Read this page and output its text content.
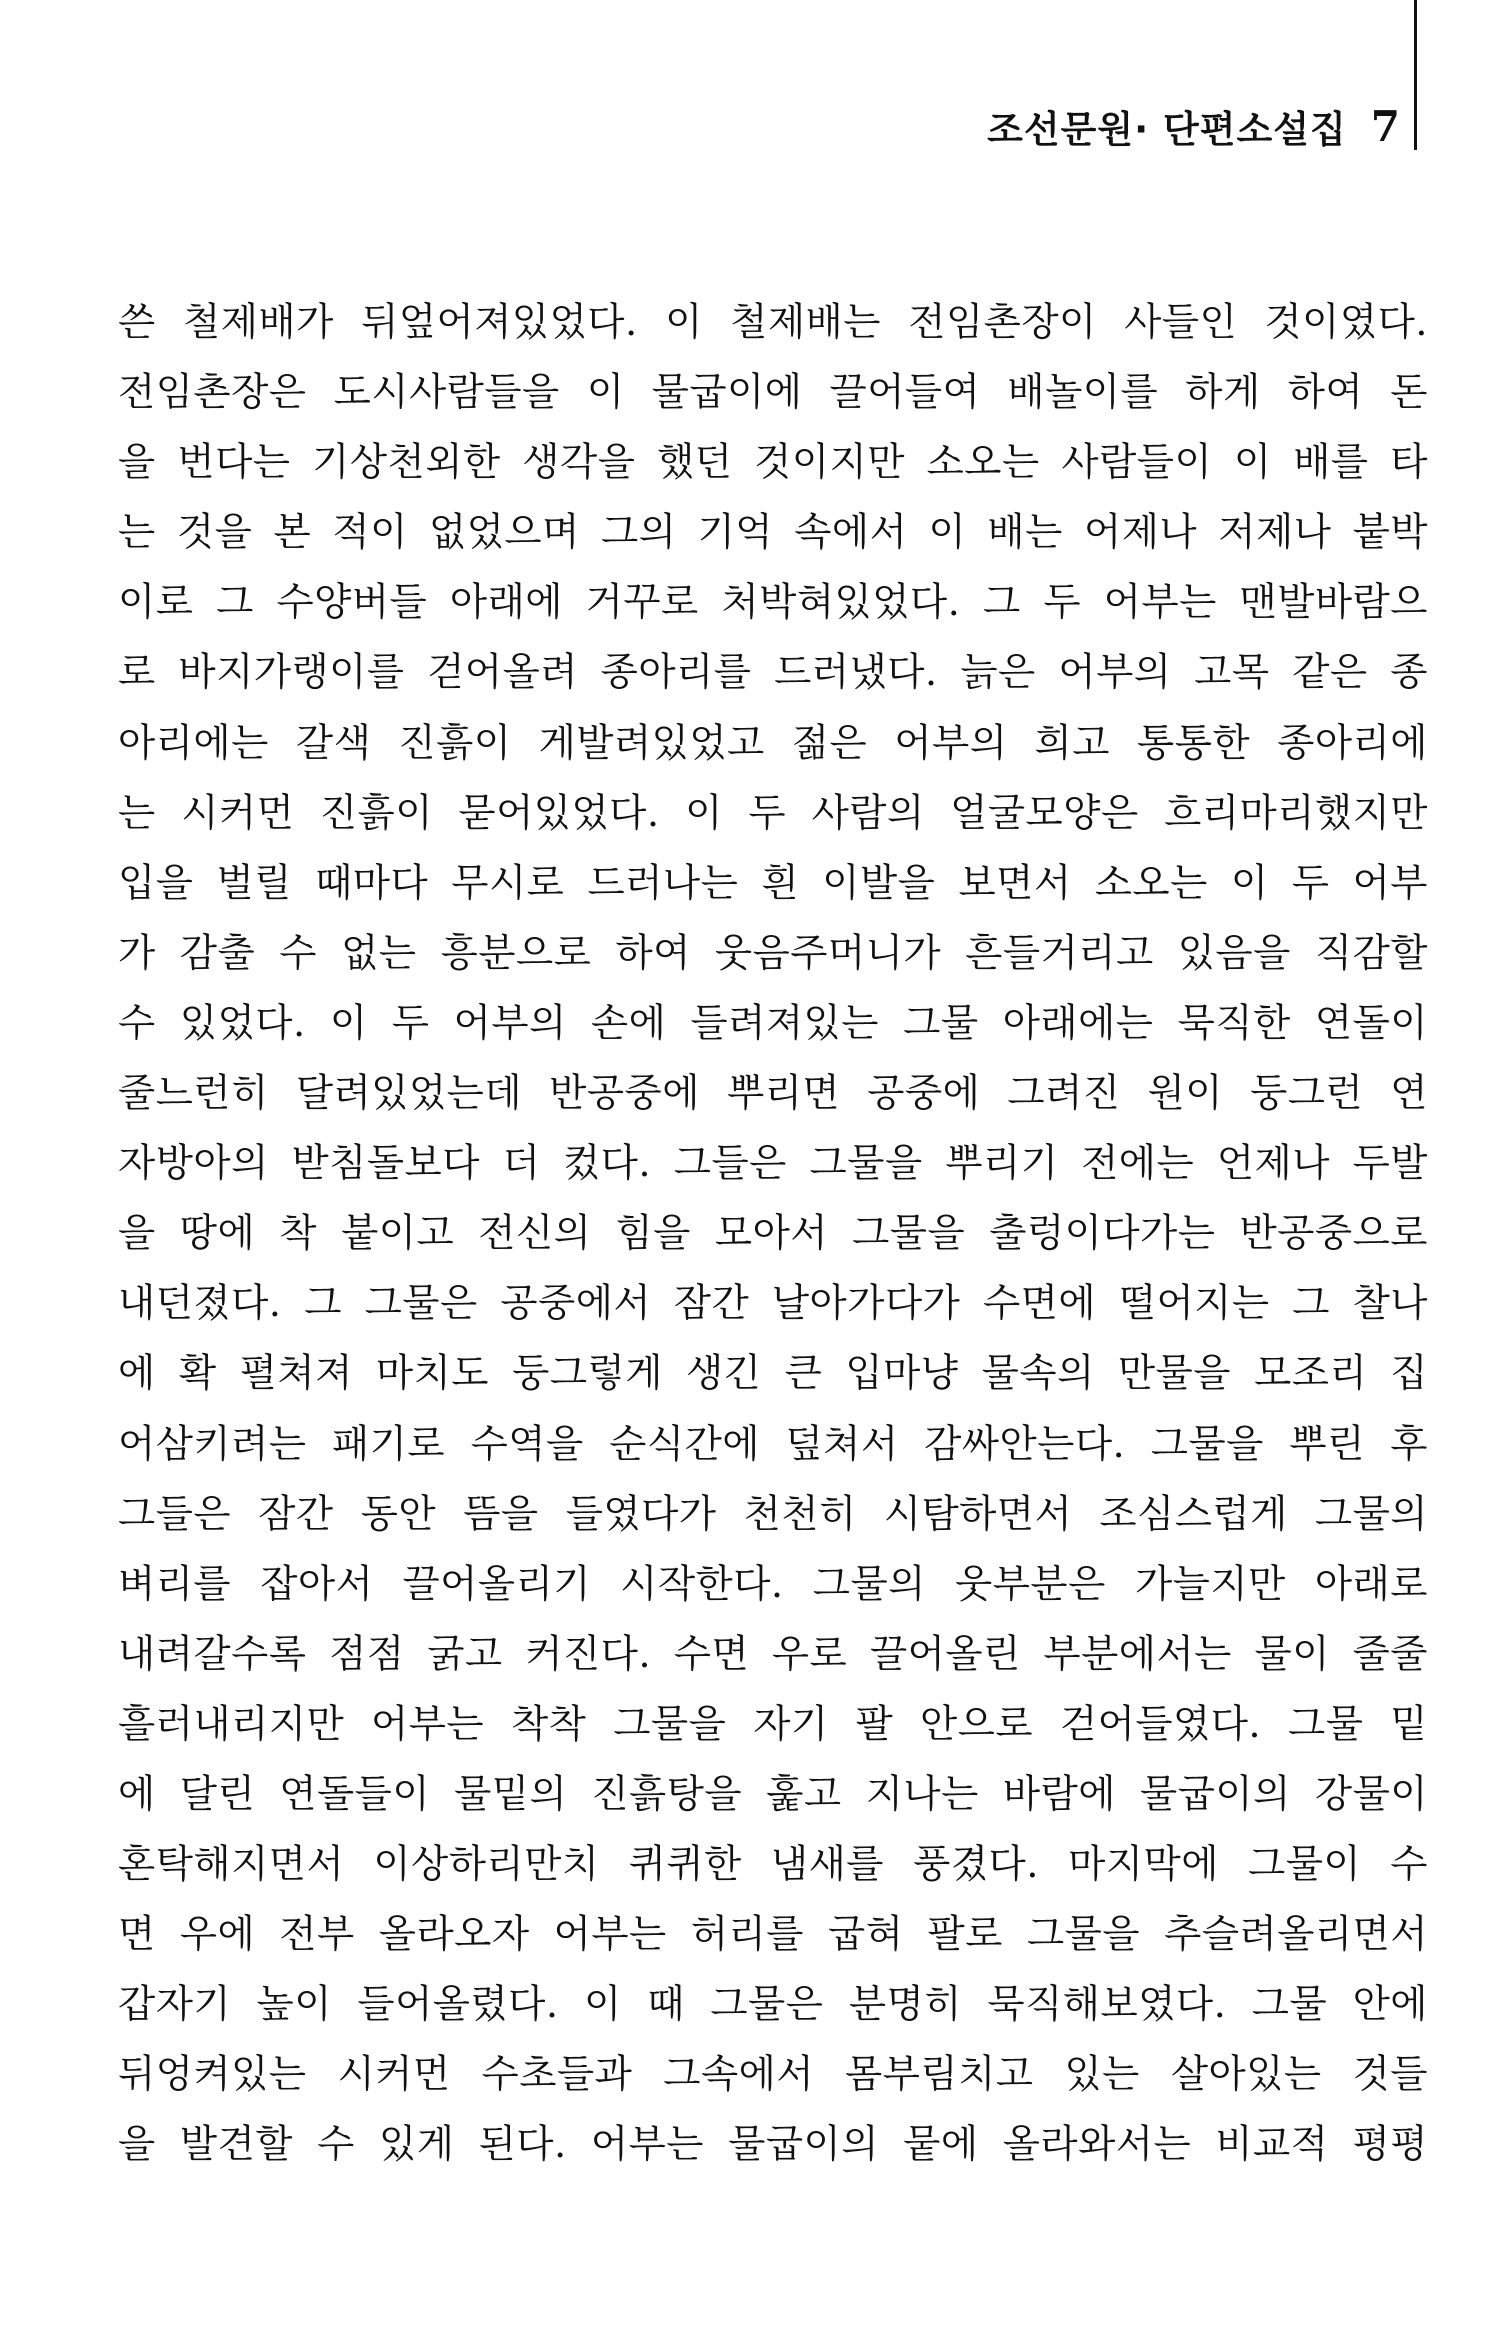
조선문원· 단편소설집 7
쓴 철제배가 뒤엎어져있었다. 이 철제배는 전임촌장이 사들인 것이였다.
전임촌장은 도시사람들을 이 물굽이에 끌어들여 배놀이를 하게 하여 돈
을 번다는 기상천외한 생각을 했던 것이지만 소오는 사람들이 이 배를 타
는 것을 본 적이 없었으며 그의 기억 속에서 이 배는 어제나 저제나 붙박
이로 그 수양버들 아래에 거꾸로 처박혀있었다. 그 두 어부는 맨발바람으
로 바지가랭이를 걷어올려 종아리를 드러냈다. 늙은 어부의 고목 같은 종
아리에는 갈색 진흙이 게발려있었고 젊은 어부의 희고 통통한 종아리에
는 시커먼 진흙이 묻어있었다. 이 두 사람의 얼굴모양은 흐리마리했지만
입을 벌릴 때마다 무시로 드러나는 흰 이발을 보면서 소오는 이 두 어부
가 감출 수 없는 흥분으로 하여 웃음주머니가 흔들거리고 있음을 직감할
수 있었다. 이 두 어부의 손에 들려져있는 그물 아래에는 묵직한 연돌이
줄느런히 달려있었는데 반공중에 뿌리면 공중에 그려진 원이 둥그런 연
자방아의 받침돌보다 더 컸다. 그들은 그물을 뿌리기 전에는 언제나 두발
을 땅에 착 붙이고 전신의 힘을 모아서 그물을 출렁이다가는 반공중으로
내던졌다. 그 그물은 공중에서 잠간 날아가다가 수면에 떨어지는 그 찰나
에 확 펼쳐져 마치도 둥그렇게 생긴 큰 입마냥 물속의 만물을 모조리 집
어삼키려는 패기로 수역을 순식간에 덮쳐서 감싸안는다. 그물을 뿌린 후
그들은 잠간 동안 뜸을 들였다가 천천히 시탐하면서 조심스럽게 그물의
벼리를 잡아서 끌어올리기 시작한다. 그물의 웃부분은 가늘지만 아래로
내려갈수록 점점 굵고 커진다. 수면 우로 끌어올린 부분에서는 물이 줄줄
흘러내리지만 어부는 착착 그물을 자기 팔 안으로 걷어들였다. 그물 밑
에 달린 연돌들이 물밑의 진흙탕을 훑고 지나는 바람에 물굽이의 강물이
혼탁해지면서 이상하리만치 퀴퀴한 냄새를 풍겼다. 마지막에 그물이 수
면 우에 전부 올라오자 어부는 허리를 굽혀 팔로 그물을 추슬려올리면서
갑자기 높이 들어올렸다. 이 때 그물은 분명히 묵직해보였다. 그물 안에
뒤엉켜있는 시커먼 수초들과 그속에서 몸부림치고 있는 살아있는 것들
을 발견할 수 있게 된다. 어부는 물굽이의 뭍에 올라와서는 비교적 평평
